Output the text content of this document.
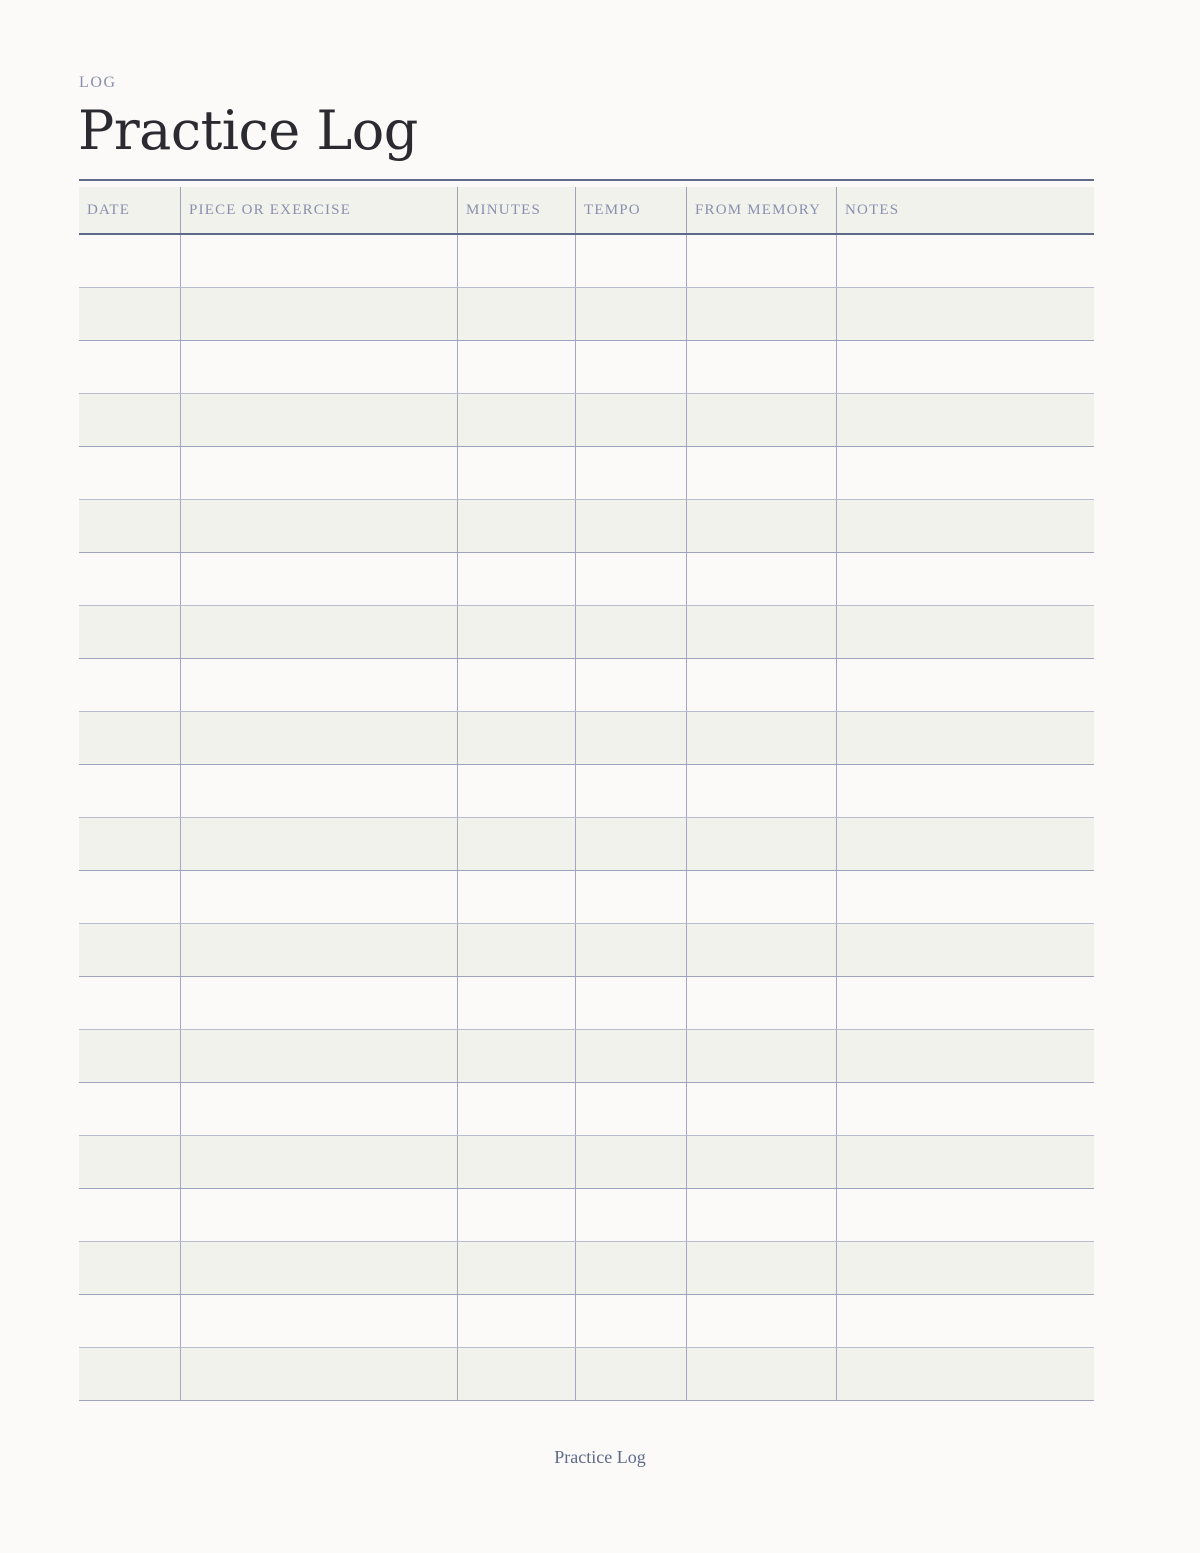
LOG
Practice Log
DATE	PIECE OR EXERCISE	MINUTES	TEMPO	FROM MEMORY	NOTES
Practice Log
